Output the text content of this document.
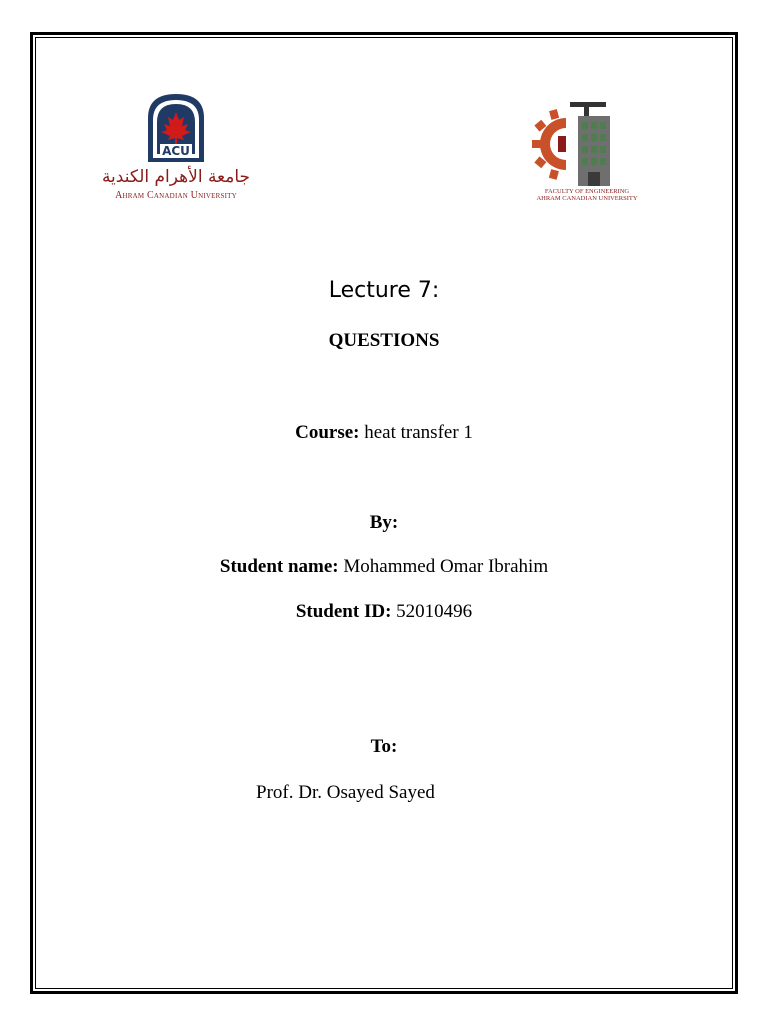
ACU
جامعة الأهرام الكندية
Ahram Canadian University	FACULTY OF ENGINEERING
AHRAM CANADIAN UNIVERSITY
Lecture 7:
QUESTIONS
Course: heat transfer 1
By:
Student name: Mohammed Omar Ibrahim
Student ID: 52010496
To:
Prof. Dr. Osayed Sayed
